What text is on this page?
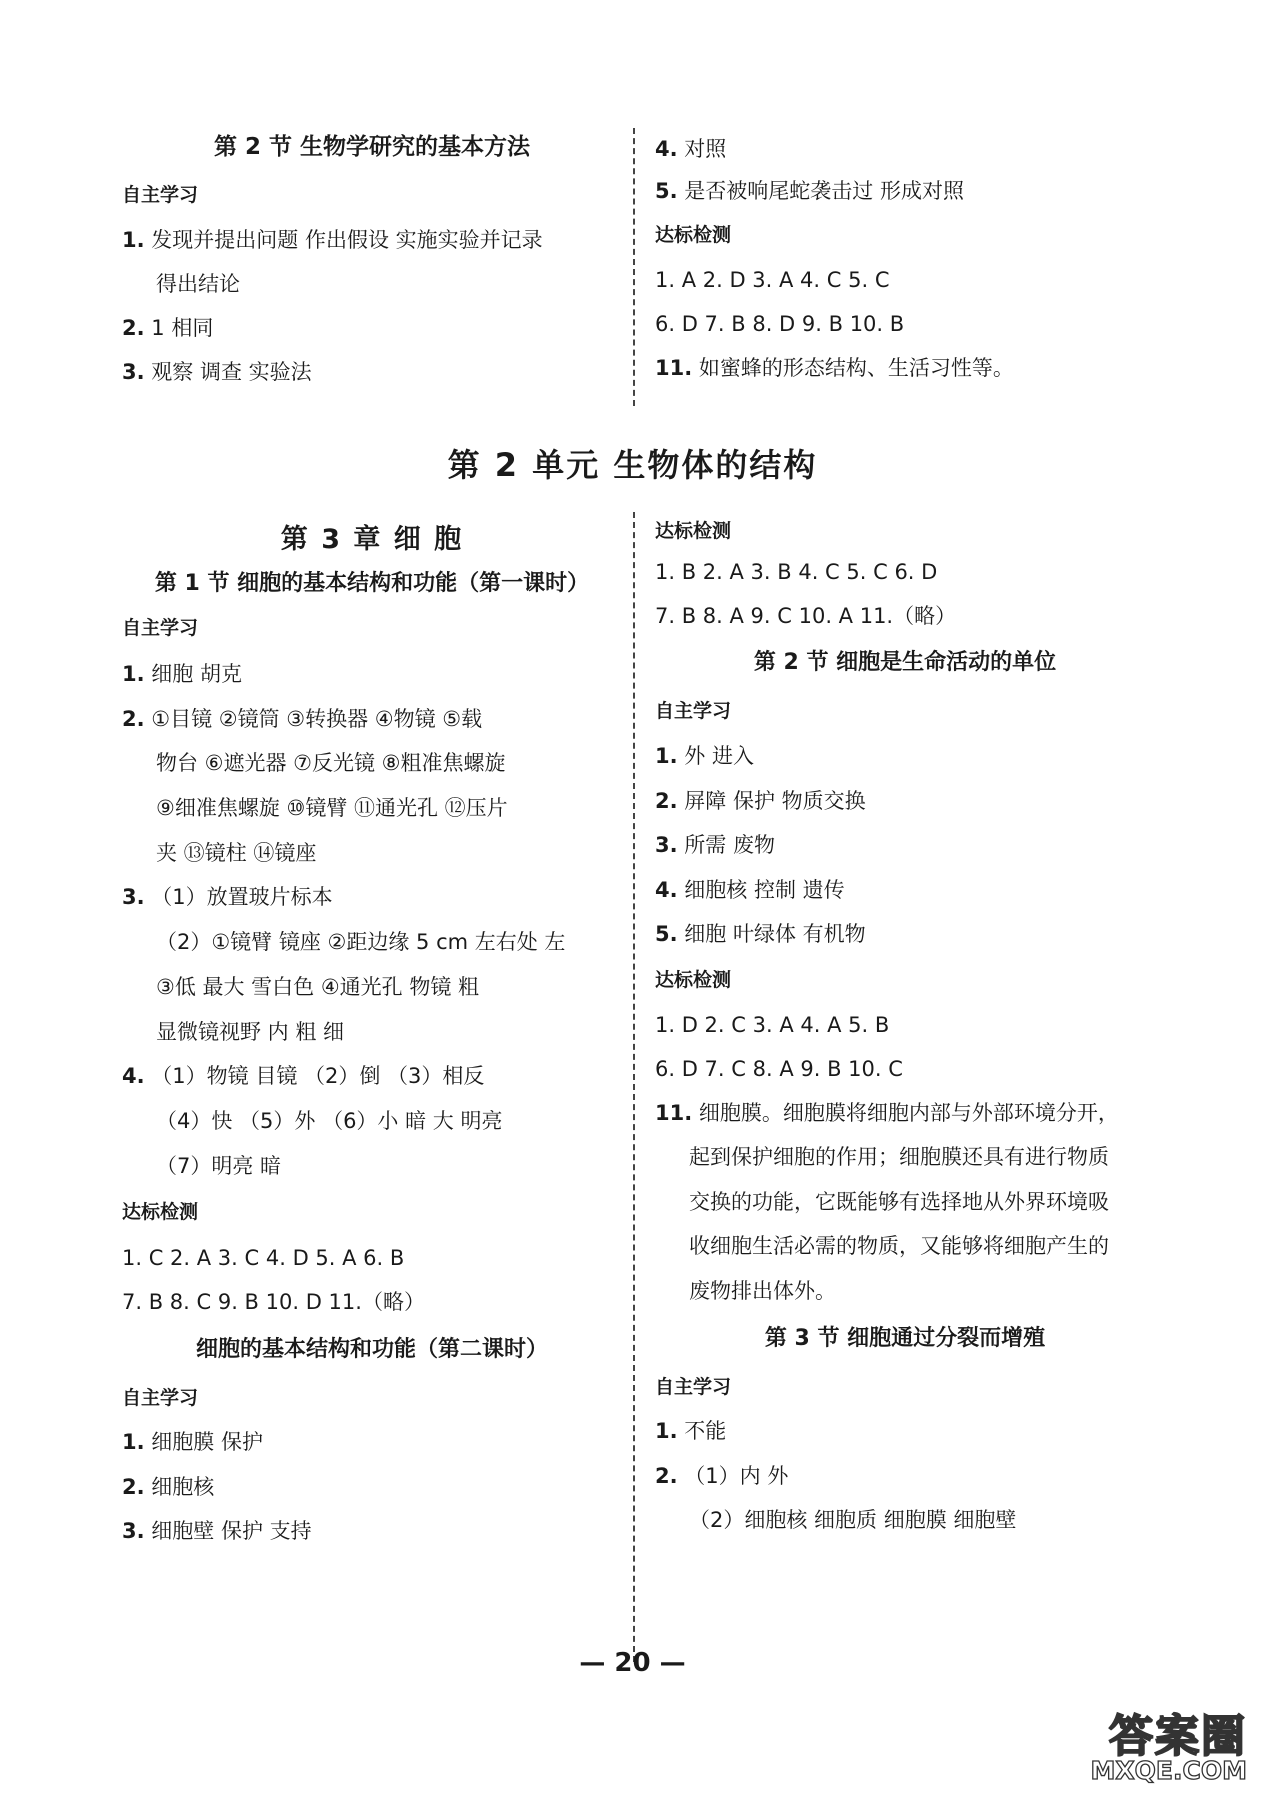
第 2 节 生物学研究的基本方法
自主学习
1. 发现并提出问题 作出假设 实施实验并记录
得出结论
2. 1 相同
3. 观察 调查 实验法
4. 对照
5. 是否被响尾蛇袭击过 形成对照
达标检测
1. A 2. D 3. A 4. C 5. C
6. D 7. B 8. D 9. B 10. B
11. 如蜜蜂的形态结构、生活习性等。
第 2 单元 生物体的结构
第 3 章 细 胞
第 1 节 细胞的基本结构和功能（第一课时）
自主学习
1. 细胞 胡克
2. ①目镜 ②镜筒 ③转换器 ④物镜 ⑤载
物台 ⑥遮光器 ⑦反光镜 ⑧粗准焦螺旋
⑨细准焦螺旋 ⑩镜臂 ⑪通光孔 ⑫压片
夹 ⑬镜柱 ⑭镜座
3. （1）放置玻片标本
（2）①镜臂 镜座 ②距边缘 5 cm 左右处 左
③低 最大 雪白色 ④通光孔 物镜 粗
显微镜视野 内 粗 细
4. （1）物镜 目镜 （2）倒 （3）相反
（4）快 （5）外 （6）小 暗 大 明亮
（7）明亮 暗
达标检测
1. C 2. A 3. C 4. D 5. A 6. B
7. B 8. C 9. B 10. D 11.（略）
细胞的基本结构和功能（第二课时）
自主学习
1. 细胞膜 保护
2. 细胞核
3. 细胞壁 保护 支持
达标检测
1. B 2. A 3. B 4. C 5. C 6. D
7. B 8. A 9. C 10. A 11.（略）
第 2 节 细胞是生命活动的单位
自主学习
1. 外 进入
2. 屏障 保护 物质交换
3. 所需 废物
4. 细胞核 控制 遗传
5. 细胞 叶绿体 有机物
达标检测
1. D 2. C 3. A 4. A 5. B
6. D 7. C 8. A 9. B 10. C
11. 细胞膜。细胞膜将细胞内部与外部环境分开，
起到保护细胞的作用；细胞膜还具有进行物质
交换的功能，它既能够有选择地从外界环境吸
收细胞生活必需的物质，又能够将细胞产生的
废物排出体外。
第 3 节 细胞通过分裂而增殖
自主学习
1. 不能
2. （1）内 外
（2）细胞核 细胞质 细胞膜 细胞壁
— 20 —
答案圈
MXQE.COM
